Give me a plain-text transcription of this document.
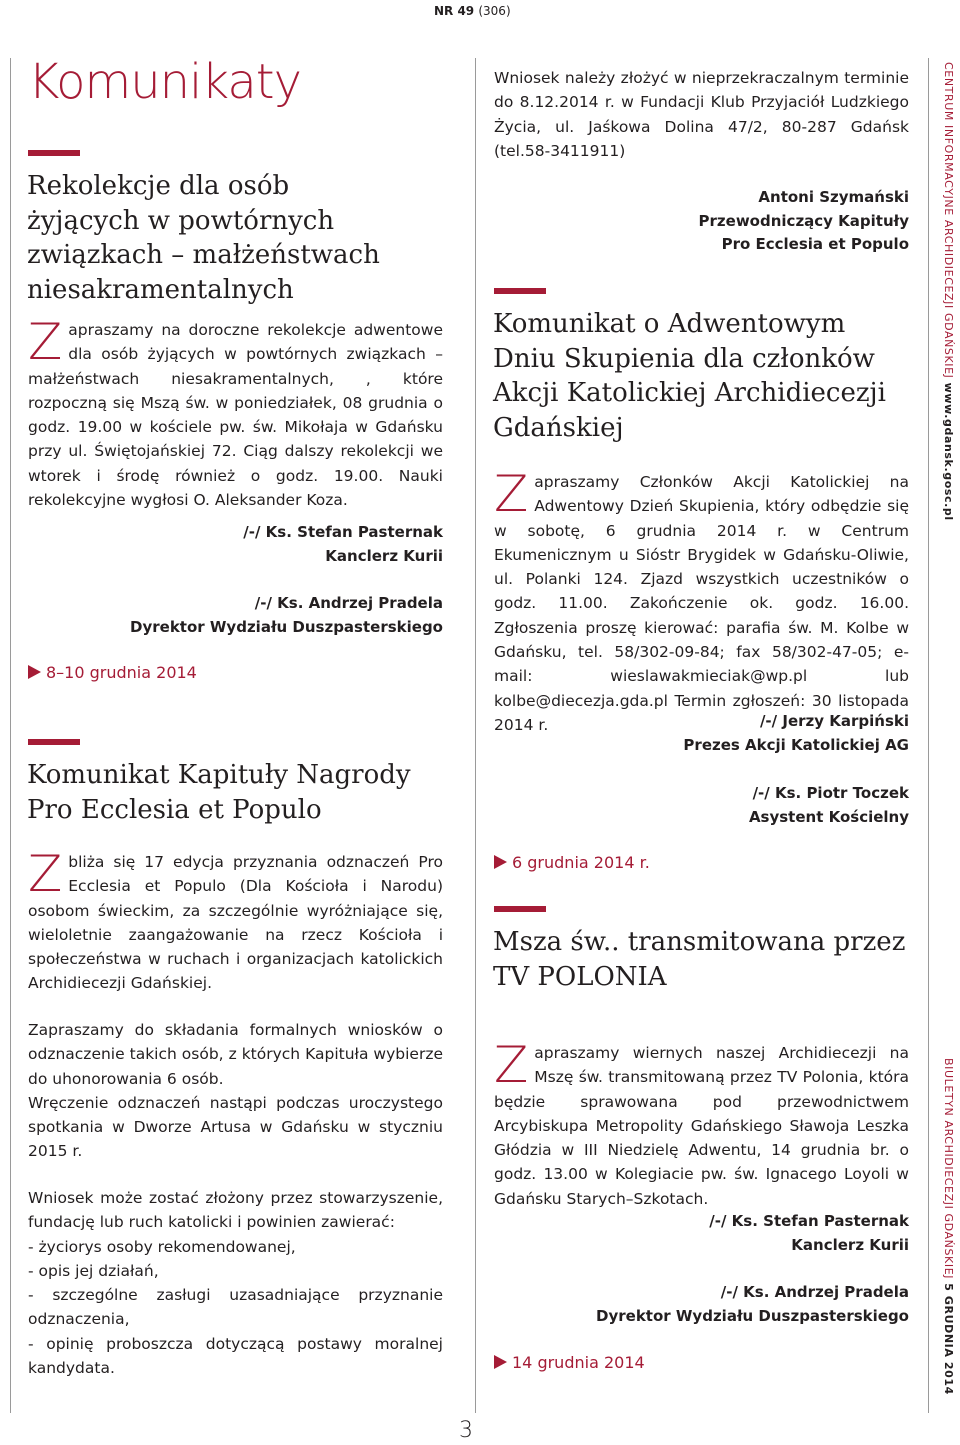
NR 49 (306)
Komunikaty
Rekolekcje dla osób
żyjących w powtórnych
związkach – małżeństwach
niesakramentalnych
Z apraszamy na doroczne rekolekcje adwentowe dla osób żyjących w powtórnych związkach – małżeństwach niesakramentalnych, , które rozpoczną się Mszą św. w poniedziałek, 08 grudnia o godz. 19.00 w kościele pw. św. Mikołaja w Gdańsku przy ul. Świętojańskiej 72. Ciąg dalszy rekolekcji we wtorek i środę również o godz. 19.00. Nauki rekolekcyjne wygłosi O. Aleksander Koza.
/-/ Ks. Stefan Pasternak
Kanclerz Kurii
/-/ Ks. Andrzej Pradela
Dyrektor Wydziału Duszpasterskiego
8–10 grudnia 2014
Komunikat Kapituły Nagrody
Pro Ecclesia et Populo

Zbliża się 17 edycja przyznania odznaczeń Pro Ecclesia et Populo (Dla Kościoła i Narodu) osobom świeckim, za szczególnie wyróżniające się, wieloletnie zaangażowanie na rzecz Kościoła i społeczeństwa w ruchach i organizacjach katolickich Archidiecezji Gdańskiej.

Zapraszamy do składania formalnych wniosków o odznaczenie takich osób, z których Kapituła wybierze do uhonorowania 6 osób.

Wręczenie odznaczeń nastąpi podczas uroczystego spotkania w Dworze Artusa w Gdańsku w styczniu 2015 r.

Wniosek może zostać złożony przez stowarzyszenie, fundację lub ruch katolicki i powinien zawierać:

- życiorys osoby rekomendowanej,

- opis jej działań,

- szczególne zasługi uzasadniające przyznanie odznaczenia,

- opinię proboszcza dotyczącą postawy moralnej kandydata.

Wniosek należy złożyć w nieprzekraczalnym terminie do 8.12.2014 r. w Fundacji Klub Przyjaciół Ludzkiego Życia, ul. Jaśkowa Dolina 47/2, 80-287 Gdańsk (tel.58-3411911)

Antoni Szymański
Przewodniczący Kapituły
Pro Ecclesia et Populo
Komunikat o Adwentowym
Dniu Skupienia dla członków
Akcji Katolickiej Archidiecezji
Gdańskiej
Z apraszamy Członków Akcji Katolickiej na Adwentowy Dzień Skupienia, który odbędzie się w sobotę, 6 grudnia 2014 r. w Centrum Ekumenicznym u Sióstr Brygidek w Gdańsku-Oliwie, ul. Polanki 124. Zjazd wszystkich uczestników o godz. 11.00. Zakończenie ok. godz. 16.00. Zgłoszenia proszę kierować: parafia św. M. Kolbe w Gdańsku, tel. 58/302-09-84; fax 58/302-47-05; e-mail: wieslawakmieciak@wp.pl lub kolbe@diecezja.gda.pl Termin zgłoszeń: 30 listopada 2014 r.	/-/ Jerzy Karpiński
Prezes Akcji Katolickiej AG
/-/ Ks. Piotr Toczek
Asystent Kościelny
6 grudnia 2014 r.
Msza św.. transmitowana przez
TV POLONIA
Z apraszamy wiernych naszej Archidiecezji na Mszę św. transmitowaną przez TV Polonia, która będzie sprawowana pod przewodnictwem Arcybiskupa Metropolity Gdańskiego Sławoja Leszka Głódzia w III Niedzielę Adwentu, 14 grudnia br. o godz. 13.00 w Kolegiacie pw. św. Ignacego Loyoli w Gdańsku Starych–Szkotach.
/-/ Ks. Stefan Pasternak
Kanclerz Kurii
/-/ Ks. Andrzej Pradela
Dyrektor Wydziału Duszpasterskiego
14 grudnia 2014
CENTRUM INFORMACYJNE ARCHIDIECEZJI GDAŃSKIEJ www.gdansk.gosc.pl
BIULETYN ARCHIDIECEZJI GDAŃSKIEJ 5 GRUDNIA 2014
3
